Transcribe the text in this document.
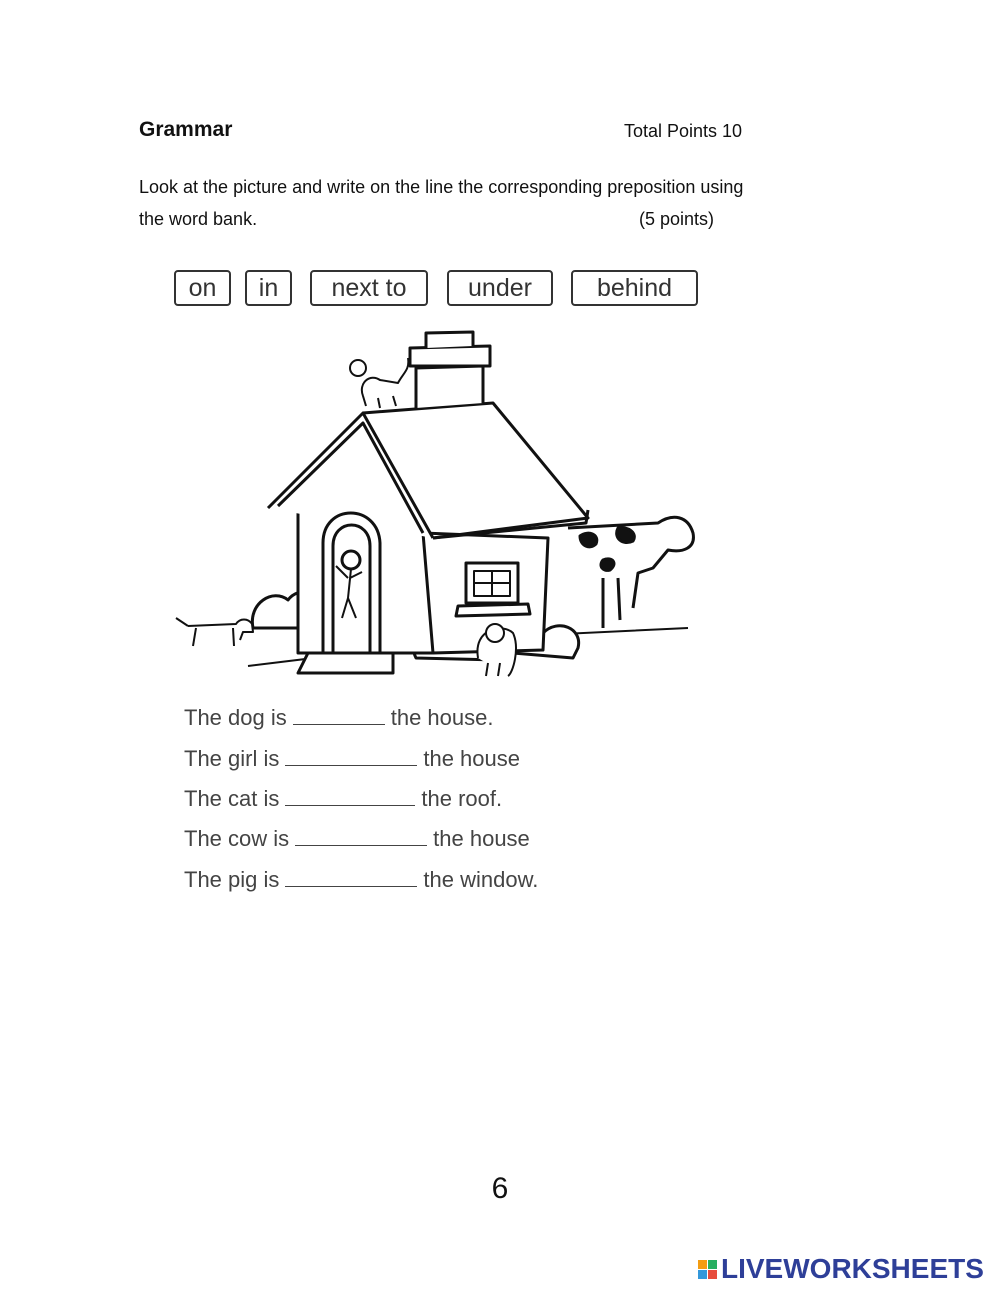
Grammar	Total Points 10
Look at the picture and write on the line the corresponding preposition using
the word bank.	(5 points)
on	in	next to	under	behind
The dog is	the house.
The girl is	the house
The cat is	the roof.
The cow is	the house
The pig is	the window.
6
LIVEWORKSHEETS
